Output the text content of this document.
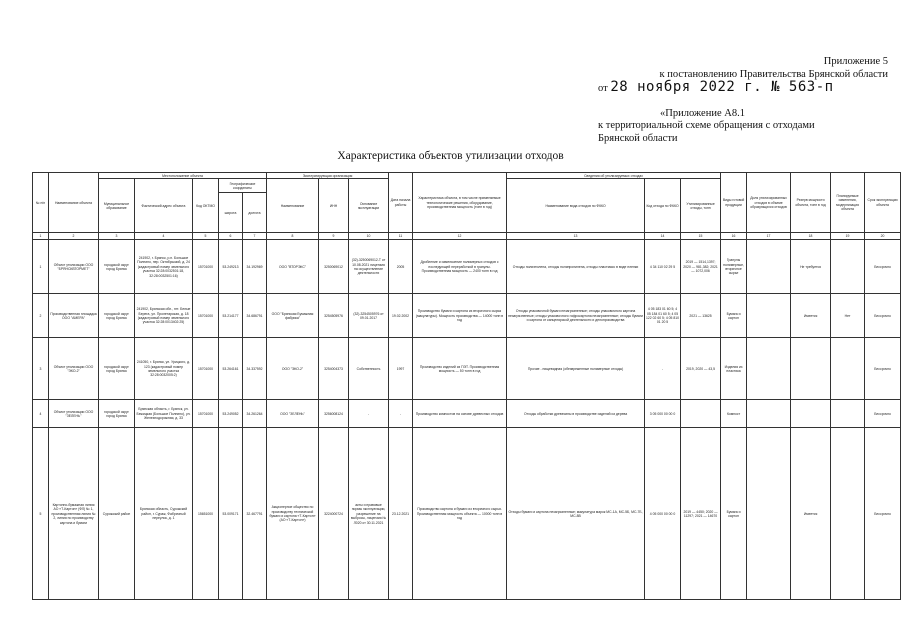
Приложение 5
к постановлению Правительства Брянской области
от 28 ноября 2022 г. № 563-п
«Приложение А8.1
к территориальной схеме обращения с отходами
Брянской области
Характеристика объектов утилизации отходов
№ п/п	Наименование объекта	Местоположение объекта					Эксплуатирующая организация			Дата начала работы	Характеристика объекта, в том числе применяемые технологические решения, оборудование, производственная мощность (тонн в год)	Сведения об утилизируемых отходах			Виды готовой продукции	Доля утилизированных отходов в объеме образующихся отходов	Резерв мощности объекта, тонн в год	Планируемые изменения, модернизация объекта	Срок эксплуатации объекта
		Муниципальное образование	Фактический адрес объекта	Код ОКТМО	Географические координаты		Наименование	ИНН	Основание эксплуатации			Наименование вида отходов по ФККО	Код отхода по ФККО	Утилизированные отходы, тонн					
					широта	долгота													
1	2	3	4	5	6	7	8	9	10	11	12	13	14	15	16	17	18	19	20
1	Объект утилизации ООО "БРЯНСКВТОРМЕТ"	городской округ город Брянск	241902, г. Брянск, р.п. Большое Полпино, пер. Октябрьский, д. 24 (кадастровый номер земельного участка 32:28:0032501:18, 32:28:0032501:16)	15701000	53.249213	34.192969	ООО "ВТОРЭКС"	3250069012	(32)-3250069012-Т от 10.08.2021 лицензия на осуществление деятельности	2005	Дробление и измельчение полимерных отходов с последующей переработкой в гранулы. Производственная мощность — 2400 тонн в год	Отходы полиэтилена, отходы полипропилена, отходы пластмасс в виде пленки	4 34 110 02 29 5	2019 — 1514,1397; 2020 — 981,382; 2021 — 1072,006	Гранулы полимерные, вторичное сырье		Не требуется		Бессрочно
2	Производственная площадка ООО "АМЕРА"	городской округ город Брянск	241902, Брянская обл., пгт. Белые Берега, ул. Пролетарская, д. 18 (кадастровый номер земельного участка 32:28:0013402:25)	15701000	53.214177	34.686791	ООО "Брянская Бумажная фабрика"	3254505976	(32)-3254505976 от 09.01.2017	19.02.2002	Производство бумаги и картона из вторичного сырья (макулатуры). Мощность производства — 14000 тонн в год	Отходы упаковочной бумаги незагрязненные; отходы упаковочного картона незагрязненные; отходы упаковочного гофрокартона незагрязненные; отходы бумаги и картона от канцелярской деятельности и делопроизводства	4 05 183 01 60 5; 4 05 184 01 60 5; 4 05 122 02 60 5; 4 05 810 01 20 5	2021 — 13625	Бумага и картон		Имеется	Нет	Бессрочно
3	Объект утилизации ООО "ЭКО-2"	городской округ город Брянск	241050, г. Брянск, ул. Урицкого, д. 123 (кадастровый номер земельного участка 32:28:0032005:2)	15701000	53.264161	34.337592	ООО "ЭКО-2"	3254004373	Собственность	1997	Производство изделий из ПЭТ. Производственная мощность — 50 тонн в год	Прочие - пищевидная (обезвреженные полимерные отходы)	-	2019, 2020 — 43,5	Изделия из пластика				Бессрочно
4	Объект утилизации ООО "ЗЕЛЕНЬ"	городской округ город Брянск	Брянская область, г. Брянск, ул. Бежицкая (Большое Полпино), ул. Железнодорожная, д. 33	15701000	53.249052	34.261264	ООО "ЗЕЛЕНЬ"	3256008124	-	-	Производство компостов на основе древесных отходов	Отходы обработки древесины в производстве изделий из дерева	3 05 000 00 00 0		Компост				Бессрочно
5	Картонно-бумажная линия АО «Т-Картон» (ФЛ) № 1, производственная линия № 2, линия по производству картона и бумаги	Сурожский район	Брянская область, Сурожский район, г. Сураж, Фабричный переулок, д. 1	15651000	53.009171	32.467791	Акционерное общество по производству технической бумаги и картона «Т-Картон» (АО «Т-Картон»)	3224000724	акты и правовые нормы эксплуатации, разрешение на выбросы, лицензия № Л020 от 30.11.2021	23.12.2021	Производство картона и бумаги из вторичного сырья. Производственная мощность объекта — 10000 тонн в год	Отходы бумаги и картона незагрязненные; макулатура марок МС-1А, МС-5Б, МС-7Б, МС-8В	4 05 000 00 00 0	2019 — 4450; 2020 — 11297; 2021 — 14670	Бумага и картон		Имеется		Бессрочно
